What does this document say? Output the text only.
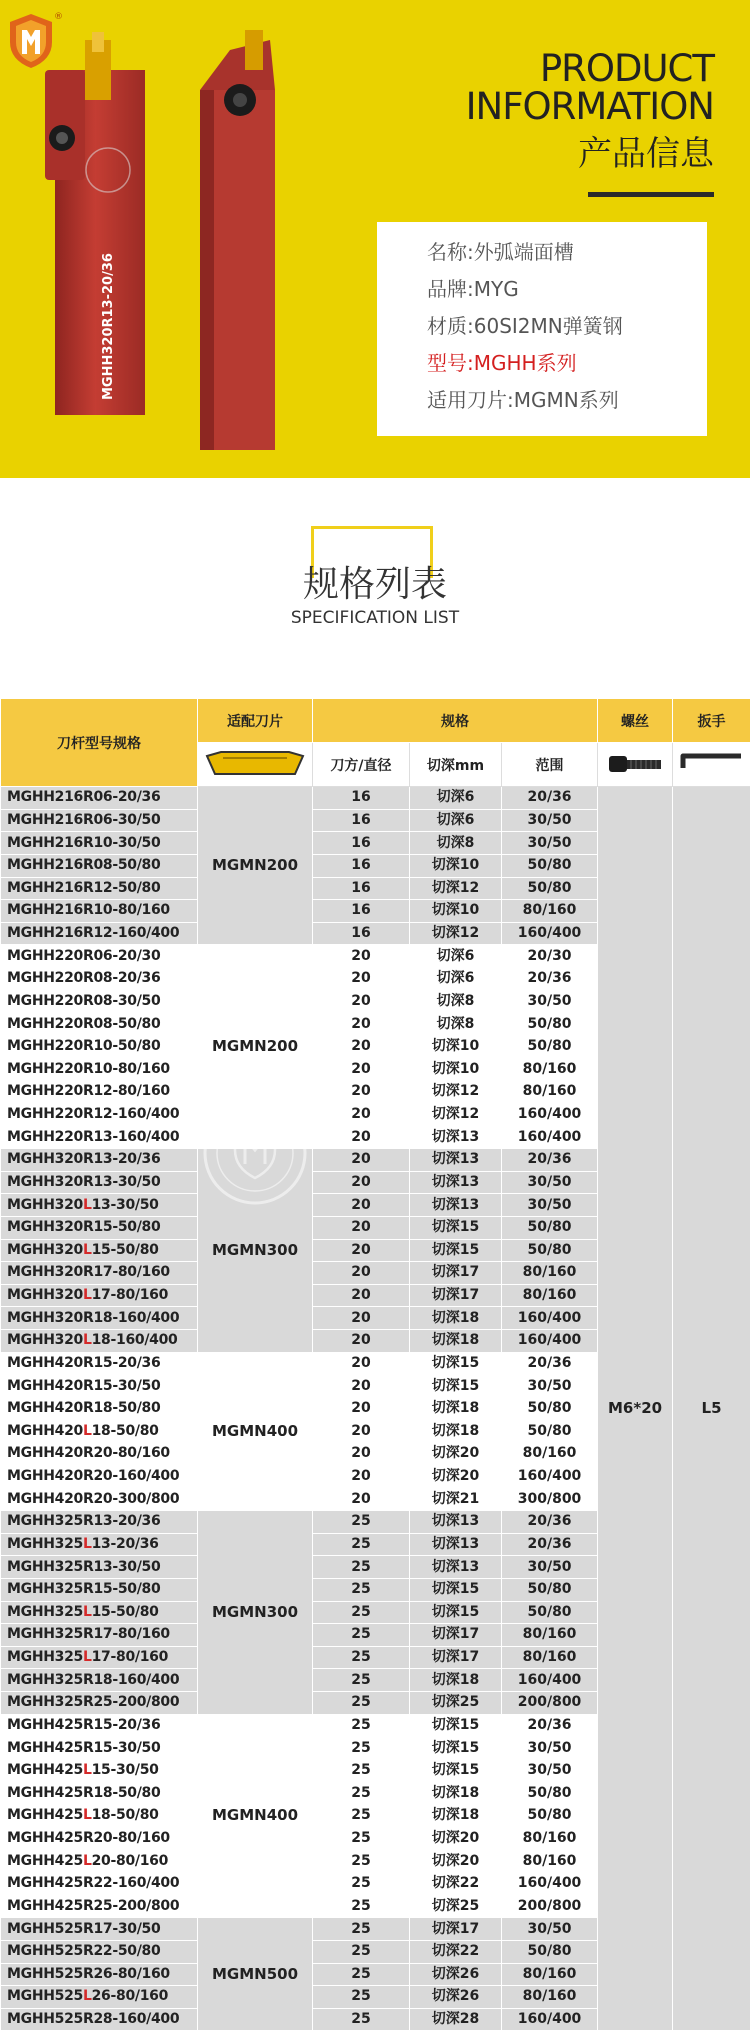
®
MGHH320R13-20/36
PRODUCT
INFORMATION
产品信息
名称:外弧端面槽
品牌:MYG
材质:60SI2MN弹簧钢
型号:MGHH系列
适用刀片:MGMN系列
规格列表
SPECIFICATION LIST
刀杆型号规格	适配刀片	规格			螺丝	扳手
	刀方/直径	切深mm	范围		
MGHH216R06-20/36	MGMN200	16	切深6	20/36	M6*20	L5
MGHH216R06-30/50		16	切深6	30/50		
MGHH216R10-30/50		16	切深8	30/50		
MGHH216R08-50/80		16	切深10	50/80		
MGHH216R12-50/80		16	切深12	50/80		
MGHH216R10-80/160		16	切深10	80/160		
MGHH216R12-160/400		16	切深12	160/400		
MGHH220R06-20/30	MGMN200	20	切深6	20/30		
MGHH220R08-20/36		20	切深6	20/36		
MGHH220R08-30/50		20	切深8	30/50		
MGHH220R08-50/80		20	切深8	50/80		
MGHH220R10-50/80		20	切深10	50/80		
MGHH220R10-80/160		20	切深10	80/160		
MGHH220R12-80/160		20	切深12	80/160		
MGHH220R12-160/400		20	切深12	160/400		
MGHH220R13-160/400		20	切深13	160/400		
MGHH320R13-20/36	MGMN300	20	切深13	20/36		
MGHH320R13-30/50		20	切深13	30/50		
MGHH320L13-30/50		20	切深13	30/50		
MGHH320R15-50/80		20	切深15	50/80		
MGHH320L15-50/80		20	切深15	50/80		
MGHH320R17-80/160		20	切深17	80/160		
MGHH320L17-80/160		20	切深17	80/160		
MGHH320R18-160/400		20	切深18	160/400		
MGHH320L18-160/400		20	切深18	160/400		
MGHH420R15-20/36	MGMN400	20	切深15	20/36		
MGHH420R15-30/50		20	切深15	30/50		
MGHH420R18-50/80		20	切深18	50/80		
MGHH420L18-50/80		20	切深18	50/80		
MGHH420R20-80/160		20	切深20	80/160		
MGHH420R20-160/400		20	切深20	160/400		
MGHH420R20-300/800		20	切深21	300/800		
MGHH325R13-20/36	MGMN300	25	切深13	20/36		
MGHH325L13-20/36		25	切深13	20/36		
MGHH325R13-30/50		25	切深13	30/50		
MGHH325R15-50/80		25	切深15	50/80		
MGHH325L15-50/80		25	切深15	50/80		
MGHH325R17-80/160		25	切深17	80/160		
MGHH325L17-80/160		25	切深17	80/160		
MGHH325R18-160/400		25	切深18	160/400		
MGHH325R25-200/800		25	切深25	200/800		
MGHH425R15-20/36	MGMN400	25	切深15	20/36		
MGHH425R15-30/50		25	切深15	30/50		
MGHH425L15-30/50		25	切深15	30/50		
MGHH425R18-50/80		25	切深18	50/80		
MGHH425L18-50/80		25	切深18	50/80		
MGHH425R20-80/160		25	切深20	80/160		
MGHH425L20-80/160		25	切深20	80/160		
MGHH425R22-160/400		25	切深22	160/400		
MGHH425R25-200/800		25	切深25	200/800		
MGHH525R17-30/50	MGMN500	25	切深17	30/50		
MGHH525R22-50/80		25	切深22	50/80		
MGHH525R26-80/160		25	切深26	80/160		
MGHH525L26-80/160		25	切深26	80/160		
MGHH525R28-160/400		25	切深28	160/400		
